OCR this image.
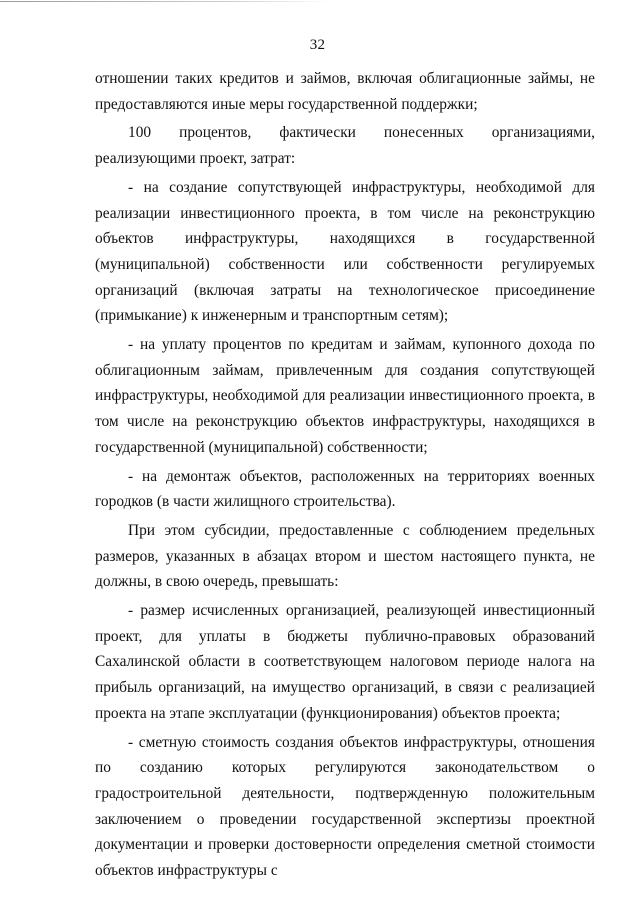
32

отношении таких кредитов и займов, включая облигационные займы, не предоставляются иные меры государственной поддержки;

100 процентов, фактически понесенных организациями, реализующими проект, затрат:

- на создание сопутствующей инфраструктуры, необходимой для реализации инвестиционного проекта, в том числе на реконструкцию объектов инфраструктуры, находящихся в государственной (муниципальной) собственности или собственности регулируемых организаций (включая затраты на технологическое присоединение (примыкание) к инженерным и транспортным сетям);

- на уплату процентов по кредитам и займам, купонного дохода по облигационным займам, привлеченным для создания сопутствующей инфраструктуры, необходимой для реализации инвестиционного проекта, в том числе на реконструкцию объектов инфраструктуры, находящихся в государственной (муниципальной) собственности;

- на демонтаж объектов, расположенных на территориях военных городков (в части жилищного строительства).

При этом субсидии, предоставленные с соблюдением предельных размеров, указанных в абзацах втором и шестом настоящего пункта, не должны, в свою очередь, превышать:

- размер исчисленных организацией, реализующей инвестиционный проект, для уплаты в бюджеты публично-правовых образований Сахалинской области в соответствующем налоговом периоде налога на прибыль организаций, на имущество организаций, в связи с реализацией проекта на этапе эксплуатации (функционирования) объектов проекта;

- сметную стоимость создания объектов инфраструктуры, отношения по созданию которых регулируются законодательством о градостроительной деятельности, подтвержденную положительным заключением о проведении государственной экспертизы проектной документации и проверки достоверности определения сметной стоимости объектов инфраструктуры с
